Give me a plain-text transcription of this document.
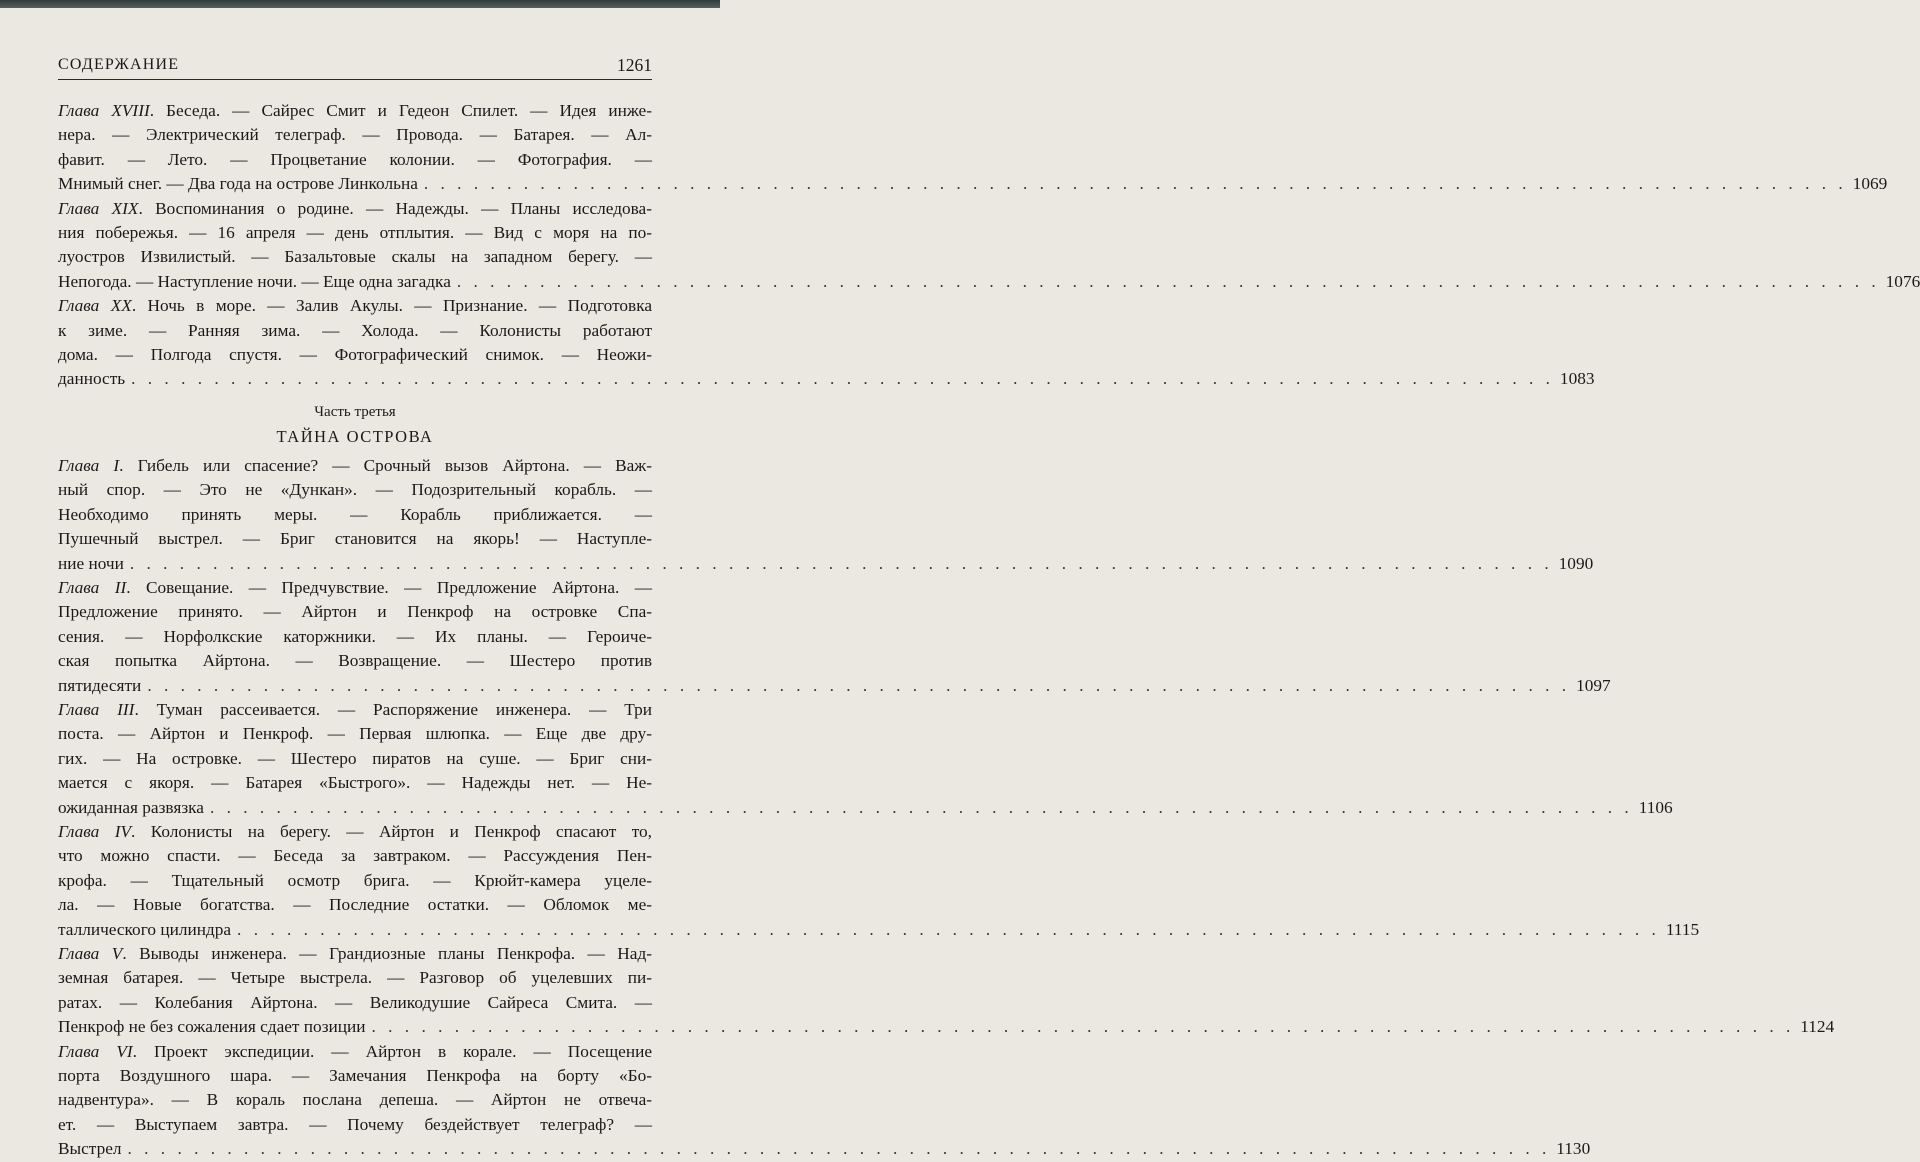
СОДЕРЖАНИЕ	1261
Глава XVIII. Беседа. — Сайрес Смит и Гедеон Спилет. — Идея инже-
нера. — Электрический телеграф. — Провода. — Батарея. — Ал-
фавит. — Лето. — Процветание колонии. — Фотография. —
Мнимый снег. — Два года на острове Линкольна . . . . . . . . . . . . . . . . . . . . . . . . . . . . . . . . . . . . . . . . . . . . . . . . . . . . . . . . . . . . . . . . . . . . . . . . . . . . . . . . . . . . . . 1069
Глава XIX. Воспоминания о родине. — Надежды. — Планы исследова-
ния побережья. — 16 апреля — день отплытия. — Вид с моря на по-
луостров Извилистый. — Базальтовые скалы на западном берегу. —
Непогода. — Наступление ночи. — Еще одна загадка . . . . . . . . . . . . . . . . . . . . . . . . . . . . . . . . . . . . . . . . . . . . . . . . . . . . . . . . . . . . . . . . . . . . . . . . . . . . . . . . . . . . . . 1076
Глава XX. Ночь в море. — Залив Акулы. — Признание. — Подготовка
к зиме. — Ранняя зима. — Холода. — Колонисты работают
дома. — Полгода спустя. — Фотографический снимок. — Неожи-
данность . . . . . . . . . . . . . . . . . . . . . . . . . . . . . . . . . . . . . . . . . . . . . . . . . . . . . . . . . . . . . . . . . . . . . . . . . . . . . . . . . . . . . . 1083
Часть третья
ТАЙНА ОСТРОВА
Глава I. Гибель или спасение? — Срочный вызов Айртона. — Важ-
ный спор. — Это не «Дункан». — Подозрительный корабль. —
Необходимо принять меры. — Корабль приближается. —
Пушечный выстрел. — Бриг становится на якорь! — Наступле-
ние ночи . . . . . . . . . . . . . . . . . . . . . . . . . . . . . . . . . . . . . . . . . . . . . . . . . . . . . . . . . . . . . . . . . . . . . . . . . . . . . . . . . . . . . . 1090
Глава II. Совещание. — Предчувствие. — Предложение Айртона. —
Предложение принято. — Айртон и Пенкроф на островке Спа-
сения. — Норфолкские каторжники. — Их планы. — Героиче-
ская попытка Айртона. — Возвращение. — Шестеро против
пятидесяти . . . . . . . . . . . . . . . . . . . . . . . . . . . . . . . . . . . . . . . . . . . . . . . . . . . . . . . . . . . . . . . . . . . . . . . . . . . . . . . . . . . . . . 1097
Глава III. Туман рассеивается. — Распоряжение инженера. — Три
поста. — Айртон и Пенкроф. — Первая шлюпка. — Еще две дру-
гих. — На островке. — Шестеро пиратов на суше. — Бриг сни-
мается с якоря. — Батарея «Быстрого». — Надежды нет. — Не-
ожиданная развязка . . . . . . . . . . . . . . . . . . . . . . . . . . . . . . . . . . . . . . . . . . . . . . . . . . . . . . . . . . . . . . . . . . . . . . . . . . . . . . . . . . . . . . 1106
Глава IV. Колонисты на берегу. — Айртон и Пенкроф спасают то,
что можно спасти. — Беседа за завтраком. — Рассуждения Пен-
крофа. — Тщательный осмотр брига. — Крюйт-камера уцеле-
ла. — Новые богатства. — Последние остатки. — Обломок ме-
таллического цилиндра . . . . . . . . . . . . . . . . . . . . . . . . . . . . . . . . . . . . . . . . . . . . . . . . . . . . . . . . . . . . . . . . . . . . . . . . . . . . . . . . . . . . . . 1115
Глава V. Выводы инженера. — Грандиозные планы Пенкрофа. — Над-
земная батарея. — Четыре выстрела. — Разговор об уцелевших пи-
ратах. — Колебания Айртона. — Великодушие Сайреса Смита. —
Пенкроф не без сожаления сдает позиции . . . . . . . . . . . . . . . . . . . . . . . . . . . . . . . . . . . . . . . . . . . . . . . . . . . . . . . . . . . . . . . . . . . . . . . . . . . . . . . . . . . . . . 1124
Глава VI. Проект экспедиции. — Айртон в корале. — Посещение
порта Воздушного шара. — Замечания Пенкрофа на борту «Бо-
надвентура». — В кораль послана депеша. — Айртон не отвеча-
ет. — Выступаем завтра. — Почему бездействует телеграф? —
Выстрел . . . . . . . . . . . . . . . . . . . . . . . . . . . . . . . . . . . . . . . . . . . . . . . . . . . . . . . . . . . . . . . . . . . . . . . . . . . . . . . . . . . . . . 1130
